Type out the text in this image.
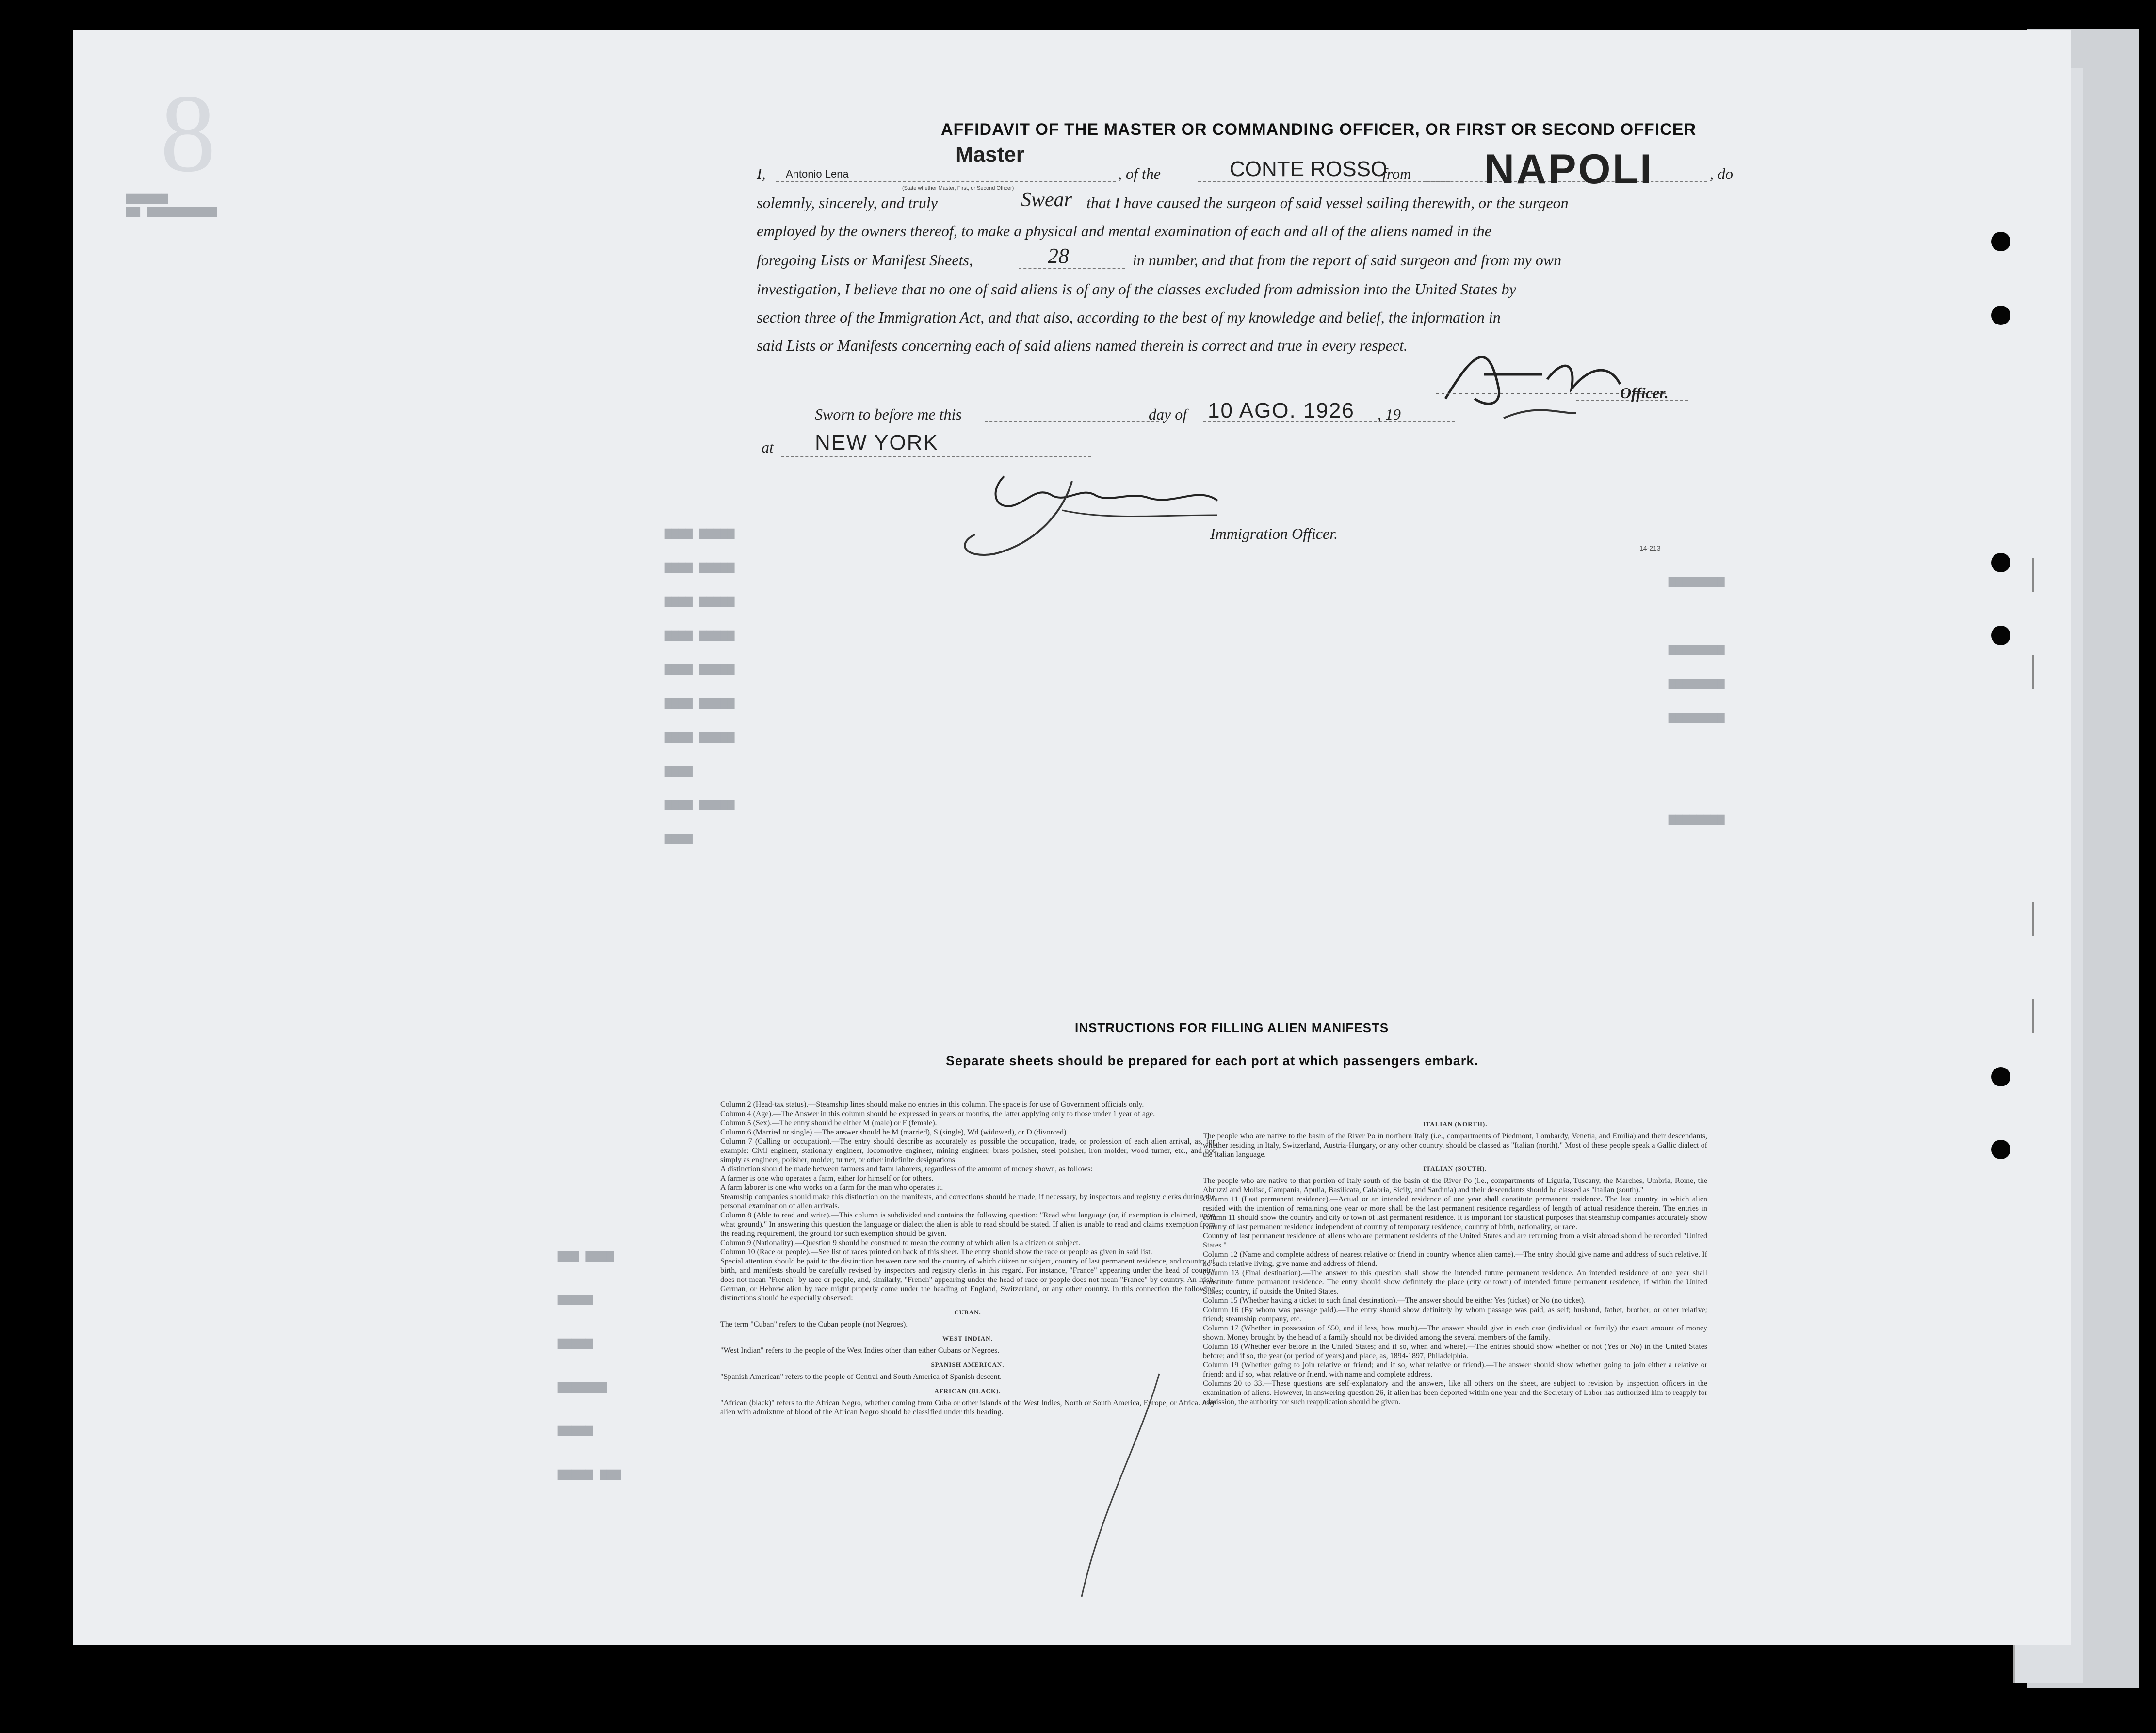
▆▆▆▆▆▆
▆▆ ▆▆▆▆▆▆▆▆▆▆
8
▆▆▆▆ ▆▆▆▆▆
▆▆▆▆ ▆▆▆▆▆
▆▆▆▆ ▆▆▆▆▆
▆▆▆▆ ▆▆▆▆▆
▆▆▆▆ ▆▆▆▆▆
▆▆▆▆ ▆▆▆▆▆
▆▆▆▆ ▆▆▆▆▆
▆▆▆▆
▆▆▆▆ ▆▆▆▆▆
▆▆▆▆
▆▆▆▆▆▆▆▆

▆▆▆▆▆▆▆▆
▆▆▆▆▆▆▆▆
▆▆▆▆▆▆▆▆

▆▆▆▆▆▆▆▆
▆▆▆ ▆▆▆▆
▆▆▆▆▆
▆▆▆▆▆
▆▆▆▆▆▆▆
▆▆▆▆▆
▆▆▆▆▆ ▆▆▆
AFFIDAVIT OF THE MASTER OR COMMANDING OFFICER, OR FIRST OR SECOND OFFICER
I, Antonio Lena
Master
(State whether Master, First, or Second Officer)
, of the	CONTE ROSSO
from NAPOLI	, do
solemnly, sincerely, and truly	Swear that I have caused the surgeon of said vessel sailing therewith, or the surgeon
employed by the owners thereof, to make a physical and mental examination of each and all of the aliens named in the
foregoing Lists or Manifest Sheets,	28	in number, and that from the report of said surgeon and from my own
investigation, I believe that no one of said aliens is of any of the classes excluded from admission into the United States by
section three of the Immigration Act, and that also, according to the best of my knowledge and belief, the information in
said Lists or Manifests concerning each of said aliens named therein is correct and true in every respect.
Officer.
Sworn to before me this	day of 10 AGO. 1926 , 19
at NEW YORK
Immigration Officer.
14-213
INSTRUCTIONS FOR FILLING ALIEN MANIFESTS
Separate sheets should be prepared for each port at which passengers embark.
Column 2 (Head-tax status).—Steamship lines should make no entries in this column. The space is for use of Government officials only.
Column 4 (Age).—The Answer in this column should be expressed in years or months, the latter applying only to those under 1 year of age.
Column 5 (Sex).—The entry should be either M (male) or F (female).
Column 6 (Married or single).—The answer should be M (married), S (single), Wd (widowed), or D (divorced).
Column 7 (Calling or occupation).—The entry should describe as accurately as possible the occupation, trade, or profession of each alien arrival, as, for example: Civil engineer, stationary engineer, locomotive engineer, mining engineer, brass polisher, steel polisher, iron molder, wood turner, etc., and not simply as engineer, polisher, molder, turner, or other indefinite designations.
A distinction should be made between farmers and farm laborers, regardless of the amount of money shown, as follows:
A farmer is one who operates a farm, either for himself or for others.
A farm laborer is one who works on a farm for the man who operates it.
Steamship companies should make this distinction on the manifests, and corrections should be made, if necessary, by inspectors and registry clerks during the personal examination of alien arrivals.
Column 8 (Able to read and write).—This column is subdivided and contains the following question: "Read what language (or, if exemption is claimed, upon what ground)." In answering this question the language or dialect the alien is able to read should be stated. If alien is unable to read and claims exemption from the reading requirement, the ground for such exemption should be given.
Column 9 (Nationality).—Question 9 should be construed to mean the country of which alien is a citizen or subject.
Column 10 (Race or people).—See list of races printed on back of this sheet. The entry should show the race or people as given in said list.
Special attention should be paid to the distinction between race and the country of which citizen or subject, country of last permanent residence, and country of birth, and manifests should be carefully revised by inspectors and registry clerks in this regard. For instance, "France" appearing under the head of country does not mean "French" by race or people, and, similarly, "French" appearing under the head of race or people does not mean "France" by country. An Irish, German, or Hebrew alien by race might properly come under the heading of England, Switzerland, or any other country. In this connection the following distinctions should be especially observed:
CUBAN.
The term "Cuban" refers to the Cuban people (not Negroes).
WEST INDIAN.
"West Indian" refers to the people of the West Indies other than either Cubans or Negroes.
SPANISH AMERICAN.
"Spanish American" refers to the people of Central and South America of Spanish descent.
AFRICAN (BLACK).
"African (black)" refers to the African Negro, whether coming from Cuba or other islands of the West Indies, North or South America, Europe, or Africa. Any alien with admixture of blood of the African Negro should be classified under this heading.
ITALIAN (NORTH).
The people who are native to the basin of the River Po in northern Italy (i.e., compartments of Piedmont, Lombardy, Venetia, and Emilia) and their descendants, whether residing in Italy, Switzerland, Austria-Hungary, or any other country, should be classed as "Italian (north)." Most of these people speak a Gallic dialect of the Italian language.
ITALIAN (SOUTH).
The people who are native to that portion of Italy south of the basin of the River Po (i.e., compartments of Liguria, Tuscany, the Marches, Umbria, Rome, the Abruzzi and Molise, Campania, Apulia, Basilicata, Calabria, Sicily, and Sardinia) and their descendants should be classed as "Italian (south)."
Column 11 (Last permanent residence).—Actual or an intended residence of one year shall constitute permanent residence. The last country in which alien resided with the intention of remaining one year or more shall be the last permanent residence regardless of length of actual residence therein. The entries in column 11 should show the country and city or town of last permanent residence. It is important for statistical purposes that steamship companies accurately show country of last permanent residence independent of country of temporary residence, country of birth, nationality, or race.
Country of last permanent residence of aliens who are permanent residents of the United States and are returning from a visit abroad should be recorded "United States."
Column 12 (Name and complete address of nearest relative or friend in country whence alien came).—The entry should give name and address of such relative. If no such relative living, give name and address of friend.
Column 13 (Final destination).—The answer to this question shall show the intended future permanent residence. An intended residence of one year shall constitute future permanent residence. The entry should show definitely the place (city or town) of intended future permanent residence, if within the United States; country, if outside the United States.
Column 15 (Whether having a ticket to such final destination).—The answer should be either Yes (ticket) or No (no ticket).
Column 16 (By whom was passage paid).—The entry should show definitely by whom passage was paid, as self; husband, father, brother, or other relative; friend; steamship company, etc.
Column 17 (Whether in possession of $50, and if less, how much).—The answer should give in each case (individual or family) the exact amount of money shown. Money brought by the head of a family should not be divided among the several members of the family.
Column 18 (Whether ever before in the United States; and if so, when and where).—The entries should show whether or not (Yes or No) in the United States before; and if so, the year (or period of years) and place, as, 1894-1897, Philadelphia.
Column 19 (Whether going to join relative or friend; and if so, what relative or friend).—The answer should show whether going to join either a relative or friend; and if so, what relative or friend, with name and complete address.
Columns 20 to 33.—These questions are self-explanatory and the answers, like all others on the sheet, are subject to revision by inspection officers in the examination of aliens. However, in answering question 26, if alien has been deported within one year and the Secretary of Labor has authorized him to reapply for admission, the authority for such reapplication should be given.
